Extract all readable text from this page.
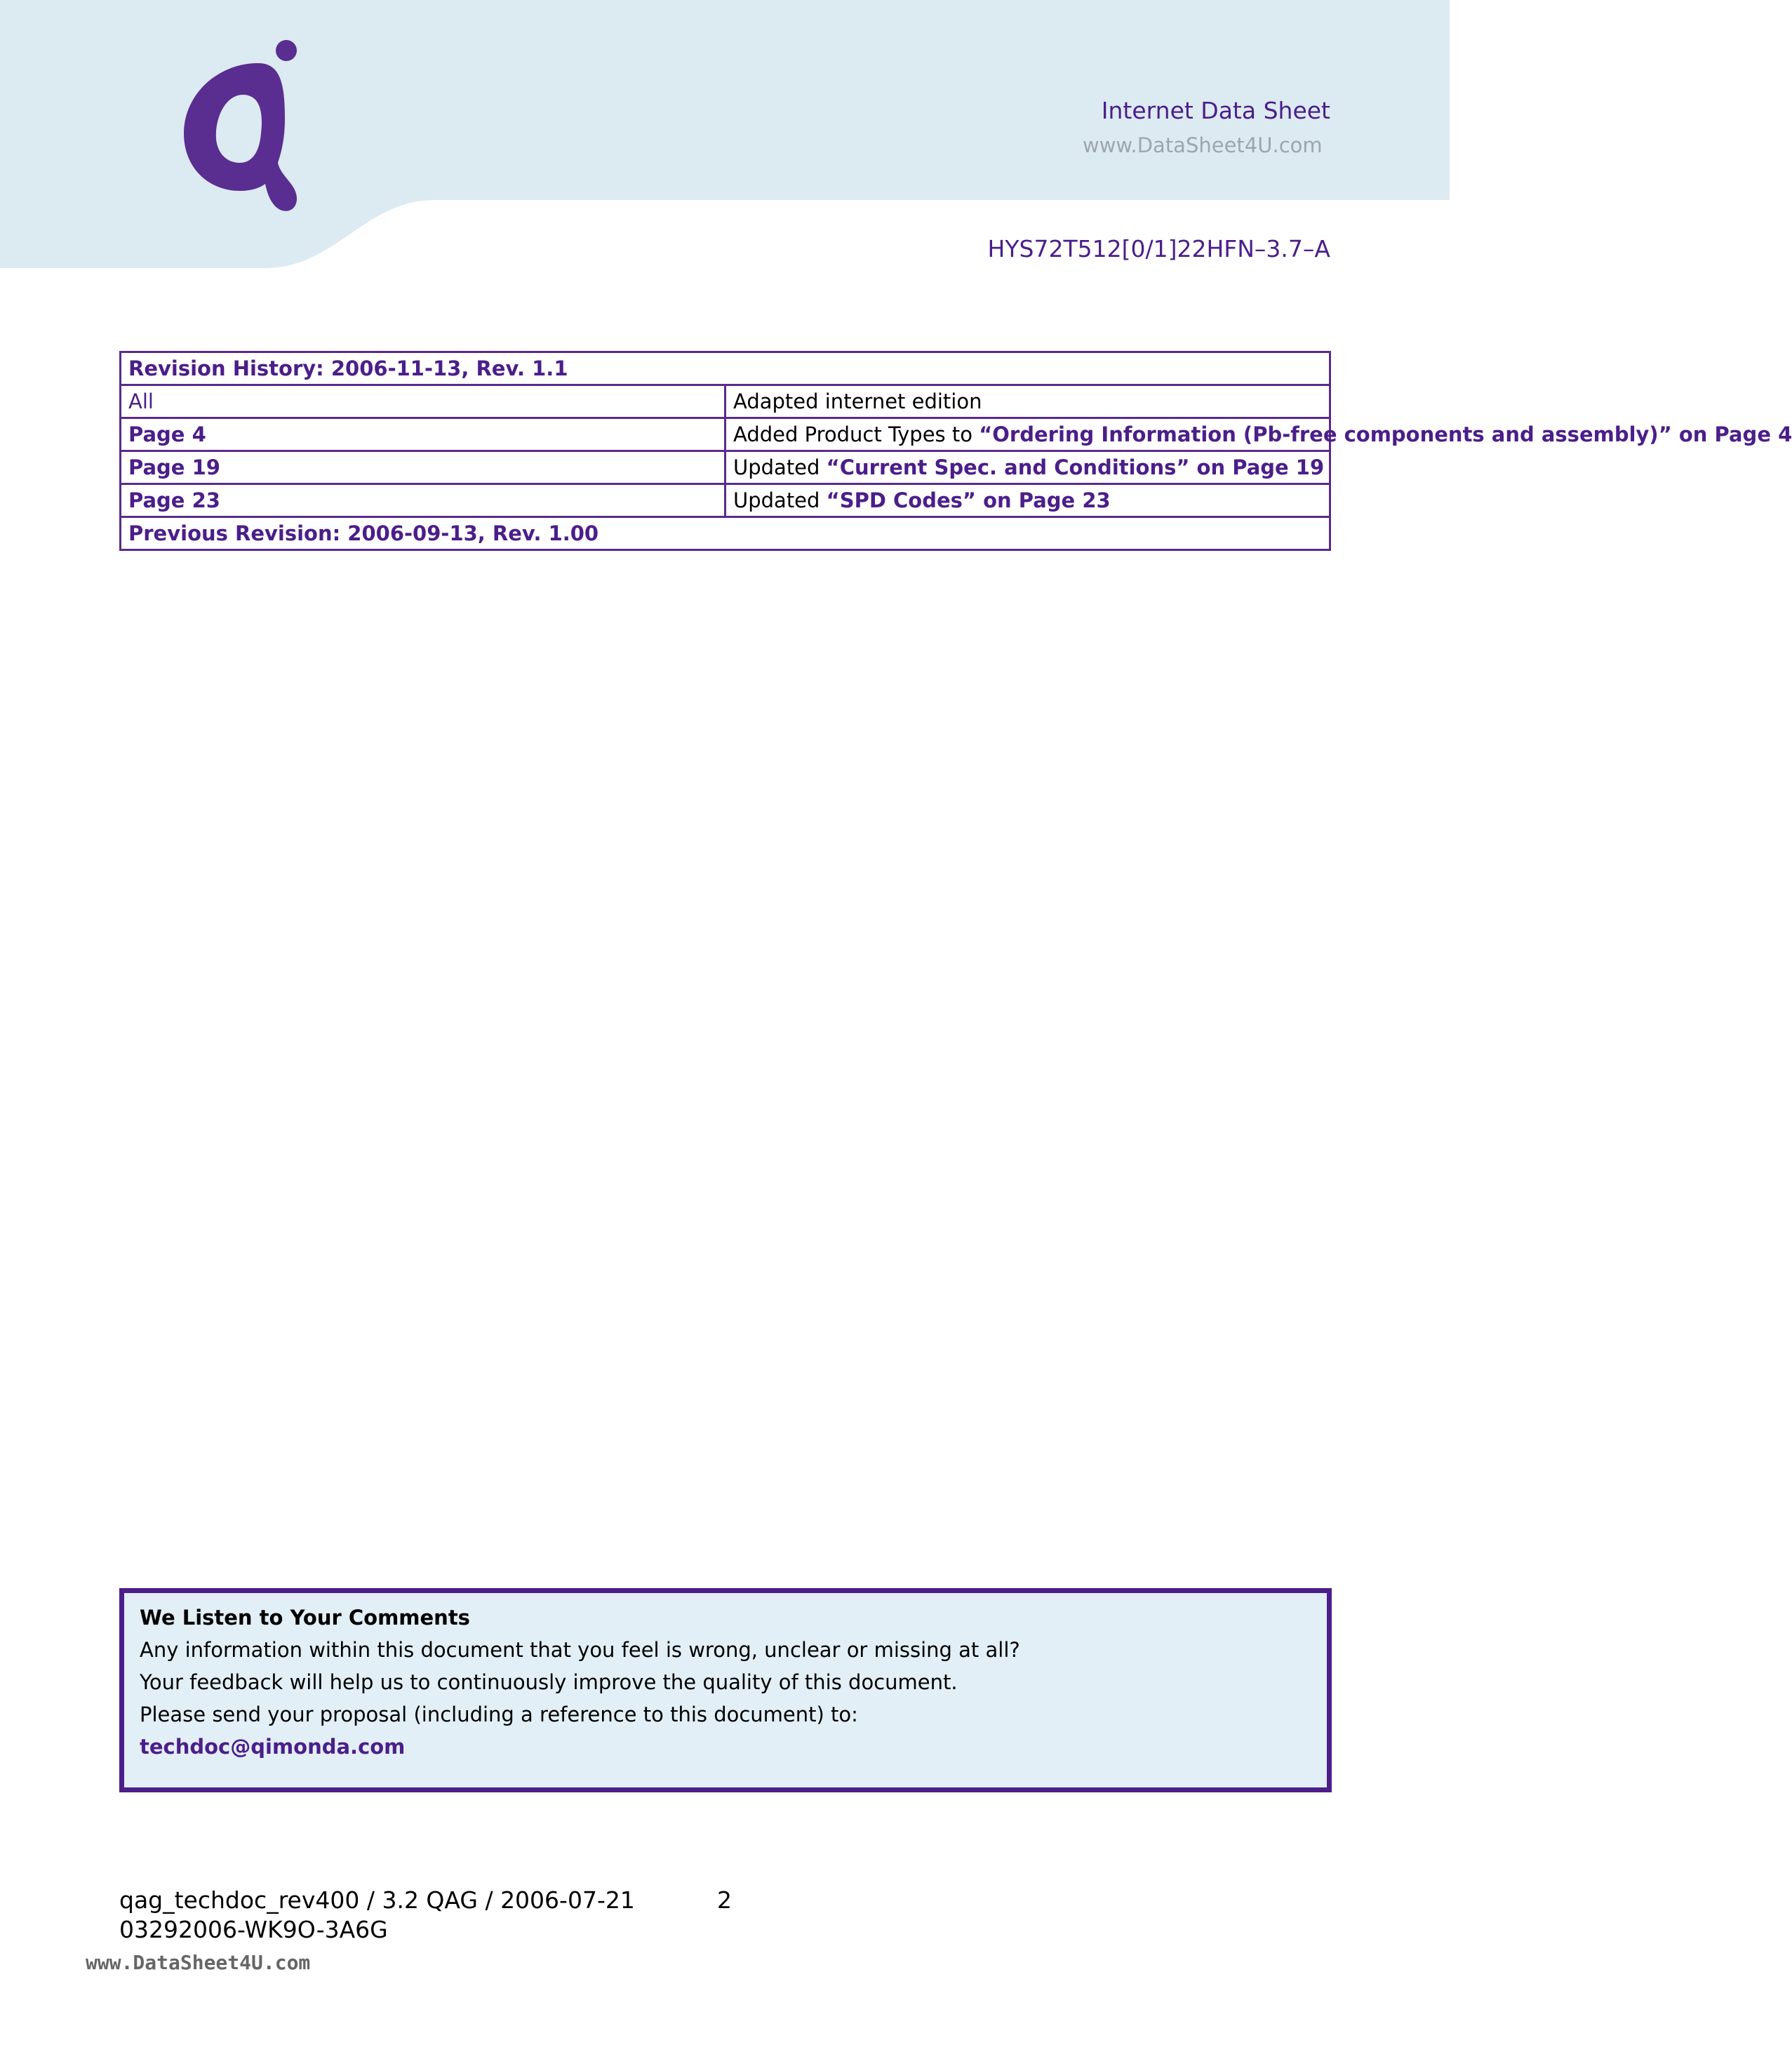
Internet Data Sheet
www.DataSheet4U.com
HYS72T512[0/1]22HFN–3.7–A
Revision History: 2006-11-13, Rev. 1.1	
All	Adapted internet edition
Page 4	Added Product Types to “Ordering Information (Pb-free components and assembly)” on Page 4
Page 19	Updated “Current Spec. and Conditions” on Page 19
Page 23	Updated “SPD Codes” on Page 23
Previous Revision: 2006-09-13, Rev. 1.00	
We Listen to Your Comments
Any information within this document that you feel is wrong, unclear or missing at all?
Your feedback will help us to continuously improve the quality of this document.
Please send your proposal (including a reference to this document) to:
techdoc@qimonda.com
qag_techdoc_rev400 / 3.2 QAG / 2006-07-21	2
03292006-WK9O-3A6G
www.DataSheet4U.com
